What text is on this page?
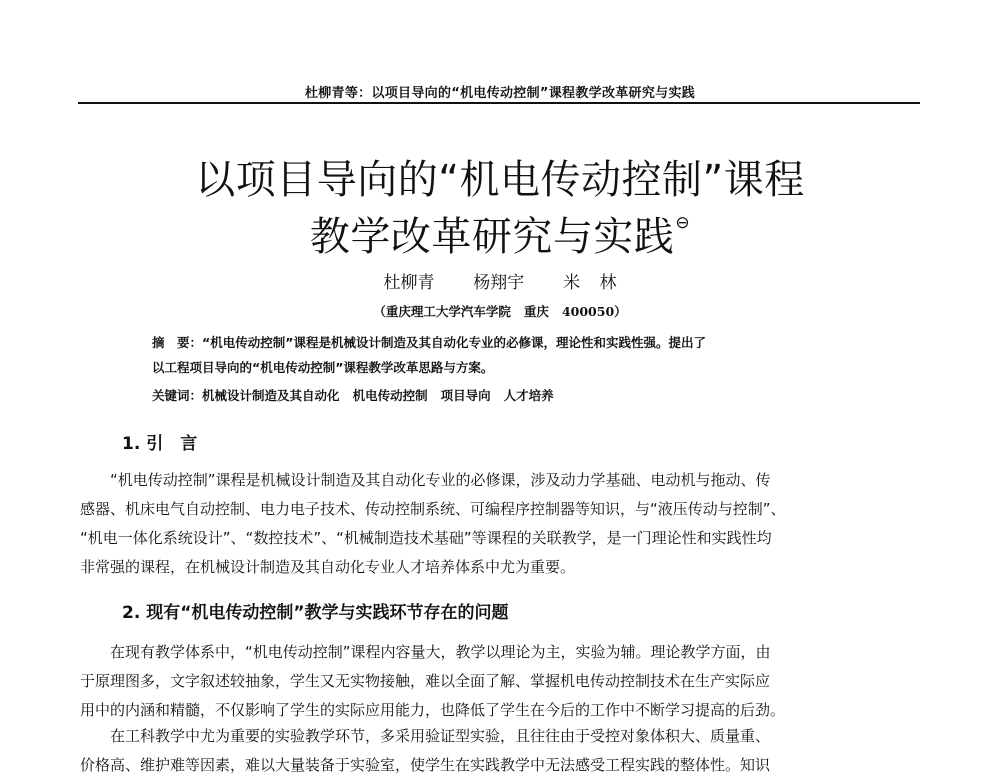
杜柳青等：以项目导向的“机电传动控制”课程教学改革研究与实践
以项目导向的“机电传动控制”课程
教学改革研究与实践⊖
杜柳青  杨翔宇  米 林
（重庆理工大学汽车学院   重庆   400050）
摘　要：“机电传动控制”课程是机械设计制造及其自动化专业的必修课，理论性和实践性强。提出了
以工程项目导向的“机电传动控制”课程教学改革思路与方案。
关键词：机械设计制造及其自动化   机电传动控制   项目导向   人才培养
1. 引　言
　　“机电传动控制”课程是机械设计制造及其自动化专业的必修课，涉及动力学基础、电动机与拖动、传
感器、机床电气自动控制、电力电子技术、传动控制系统、可编程序控制器等知识，与“液压传动与控制”、
“机电一体化系统设计”、“数控技术”、“机械制造技术基础”等课程的关联教学，是一门理论性和实践性均
非常强的课程，在机械设计制造及其自动化专业人才培养体系中尤为重要。
2. 现有“机电传动控制”教学与实践环节存在的问题
　　在现有教学体系中，“机电传动控制”课程内容量大，教学以理论为主，实验为辅。理论教学方面，由
于原理图多，文字叙述较抽象，学生又无实物接触，难以全面了解、掌握机电传动控制技术在生产实际应
用中的内涵和精髓，不仅影响了学生的实际应用能力，也降低了学生在今后的工作中不断学习提高的后劲。
　　在工科教学中尤为重要的实验教学环节，多采用验证型实验，且往往由于受控对象体积大、质量重、
价格高、维护难等因素，难以大量装备于实验室，使学生在实践教学中无法感受工程实践的整体性。知识
